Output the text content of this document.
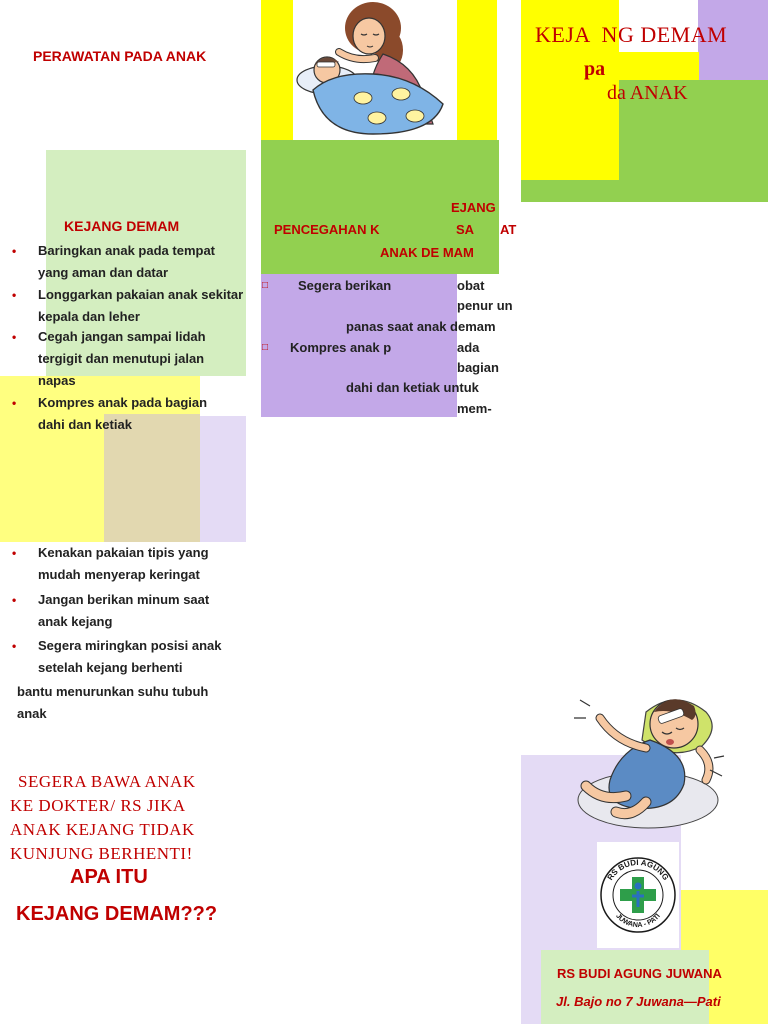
PERAWATAN PADA ANAK
KEJANG DEMAM
• Baringkan anak pada tempat yang aman dan datar
• Longgarkan pakaian anak sekitar kepala dan leher
• Cegah jangan sampai lidah tergigit dan menutupi jalan napas
• Kompres anak pada bagian dahi dan ketiak
• Kenakan pakaian tipis yang mudah menyerap keringat
• Jangan berikan minum saat anak kejang
• Segera miringkan posisi anak setelah kejang berhenti
bantu menurunkan suhu tubuh
anak
SEGERA BAWA ANAK
KE DOKTER/ RS JIKA
ANAK KEJANG TIDAK
KUNJUNG BERHENTI!
APA ITU
KEJANG DEMAM???
EJANG
PENCEGAHAN K	SA AT
ANAK DE MAM
□ Segera berikan	obat
penur un
panas saat anak demam
□ Kompres anak p	ada
bagian
dahi dan ketiak untuk
mem-
KEJA  NG DEMAM
pa
da ANAK
RS BUDI AGUNG
JUWANA - PATI
RS BUDI AGUNG JUWANA
Jl. Bajo no 7 Juwana—Pati
